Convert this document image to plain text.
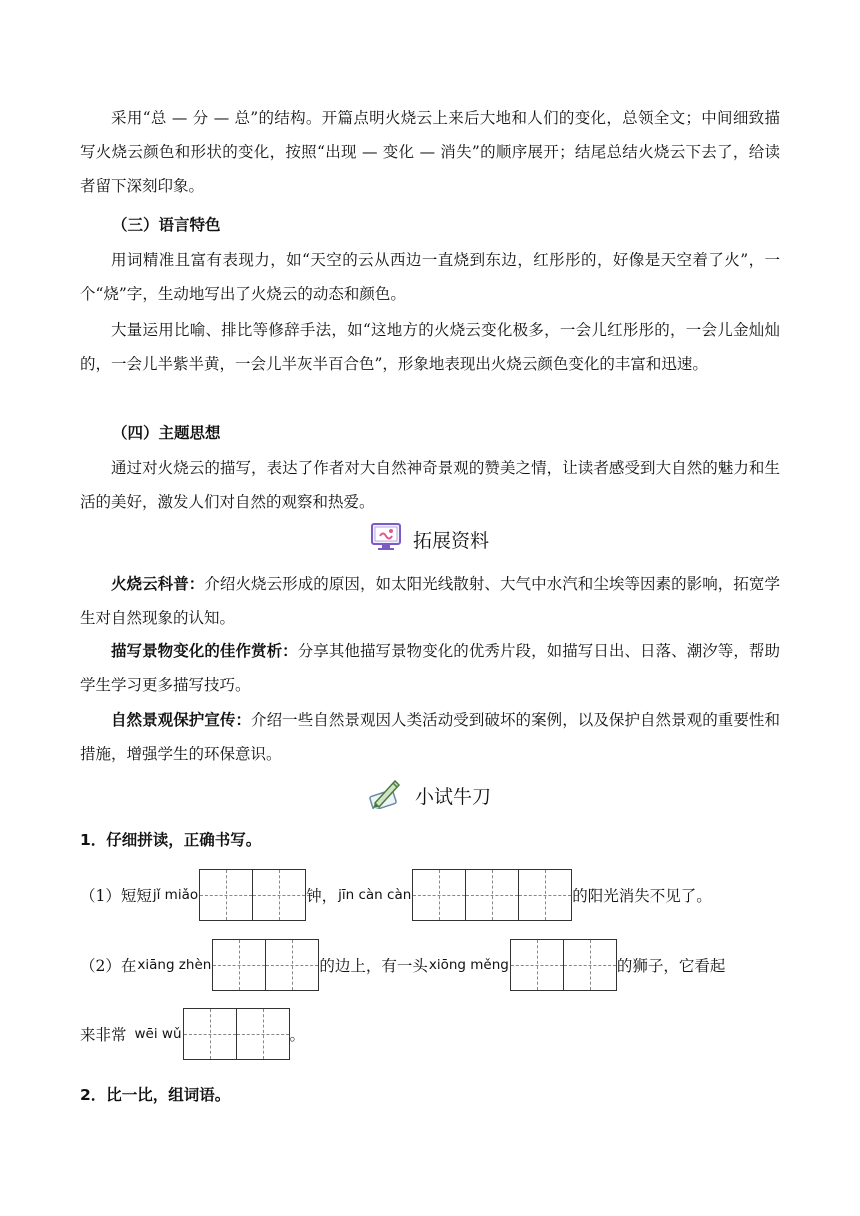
采用“总 — 分 — 总”的结构。开篇点明火烧云上来后大地和人们的变化，总领全文；中间细致描写火烧云颜色和形状的变化，按照“出现 — 变化 — 消失”的顺序展开；结尾总结火烧云下去了，给读者留下深刻印象。

（三）语言特色

用词精准且富有表现力，如“天空的云从西边一直烧到东边，红彤彤的，好像是天空着了火”，一个“烧”字，生动地写出了火烧云的动态和颜色。

大量运用比喻、排比等修辞手法，如“这地方的火烧云变化极多，一会儿红彤彤的，一会儿金灿灿的，一会儿半紫半黄，一会儿半灰半百合色”，形象地表现出火烧云颜色变化的丰富和迅速。

（四）主题思想

通过对火烧云的描写，表达了作者对大自然神奇景观的赞美之情，让读者感受到大自然的魅力和生活的美好，激发人们对自然的观察和热爱。

拓展资料

火烧云科普：介绍火烧云形成的原因，如太阳光线散射、大气中水汽和尘埃等因素的影响，拓宽学生对自然现象的认知。

描写景物变化的佳作赏析：分享其他描写景物变化的优秀片段，如描写日出、日落、潮汐等，帮助学生学习更多描写技巧。

自然景观保护宣传：介绍一些自然景观因人类活动受到破坏的案例，以及保护自然景观的重要性和措施，增强学生的环保意识。

小试牛刀

1．仔细拼读，正确书写。

（1）短短 jǐ miǎo	钟， jīn càn càn	的阳光消失不见了。
（2）在 xiāng zhèn	的边上，有一头 xiōng měng	的狮子，它看起
来非常 wēi wǔ	。

2．比一比，组词语。
